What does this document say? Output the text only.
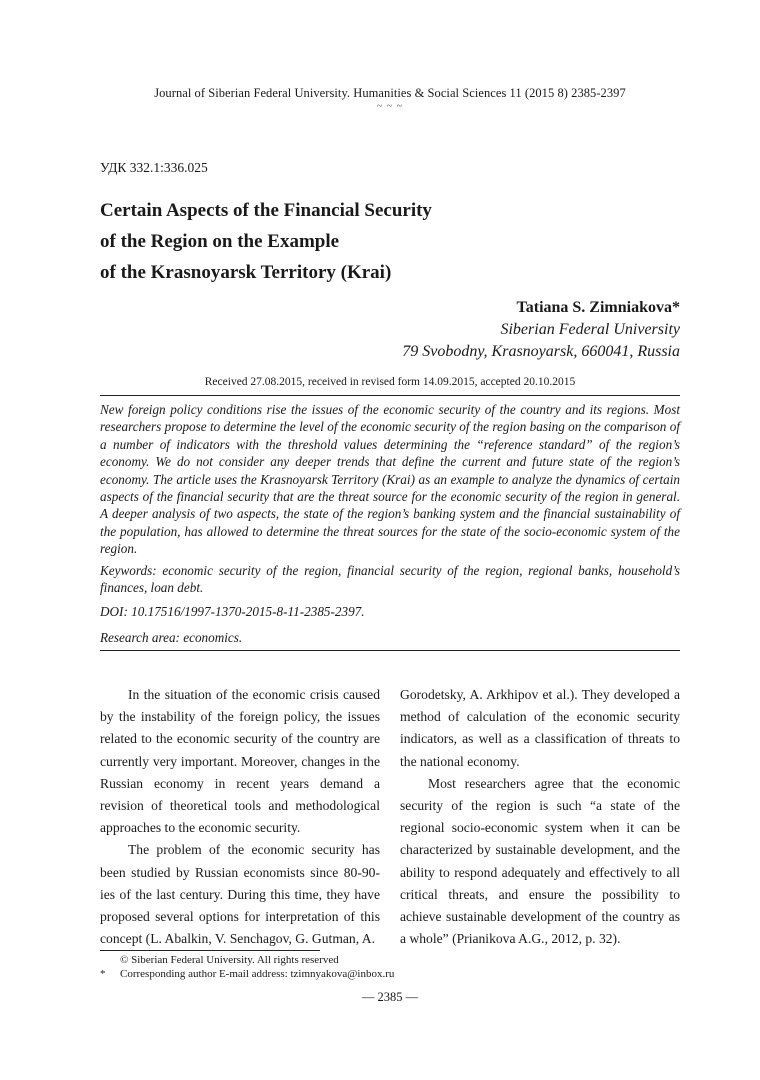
Journal of Siberian Federal University. Humanities & Social Sciences 11 (2015 8) 2385-2397
~ ~ ~
УДК 332.1:336.025
Certain Aspects of the Financial Security
of the Region on the Example
of the Krasnoyarsk Territory (Krai)
Tatiana S. Zimniakova*
Siberian Federal University
79 Svobodny, Krasnoyarsk, 660041, Russia
Received 27.08.2015, received in revised form 14.09.2015, accepted 20.10.2015
New foreign policy conditions rise the issues of the economic security of the country and its regions. Most researchers propose to determine the level of the economic security of the region basing on the comparison of a number of indicators with the threshold values determining the “reference standard” of the region’s economy. We do not consider any deeper trends that define the current and future state of the region’s economy. The article uses the Krasnoyarsk Territory (Krai) as an example to analyze the dynamics of certain aspects of the financial security that are the threat source for the economic security of the region in general. A deeper analysis of two aspects, the state of the region’s banking system and the financial sustainability of the population, has allowed to determine the threat sources for the state of the socio-economic system of the region.
Keywords: economic security of the region, financial security of the region, regional banks, household’s finances, loan debt.
DOI: 10.17516/1997-1370-2015-8-11-2385-2397.
Research area: economics.

In the situation of the economic crisis caused by the instability of the foreign policy, the issues related to the economic security of the country are currently very important. Moreover, changes in the Russian economy in recent years demand a revision of theoretical tools and methodological approaches to the economic security.

The problem of the economic security has been studied by Russian economists since 80-90-ies of the last century. During this time, they have proposed several options for interpretation of this concept (L. Abalkin, V. Senchagov, G. Gutman, A.

Gorodetsky, A. Arkhipov et al.). They developed a method of calculation of the economic security indicators, as well as a classification of threats to the national economy.

Most researchers agree that the economic security of the region is such “a state of the regional socio-economic system when it can be characterized by sustainable development, and the ability to respond adequately and effectively to all critical threats, and ensure the possibility to achieve sustainable development of the country as a whole” (Prianikova A.G., 2012, p. 32).

© Siberian Federal University. All rights reserved
* Corresponding author E-mail address: tzimnyakova@inbox.ru
— 2385 —
